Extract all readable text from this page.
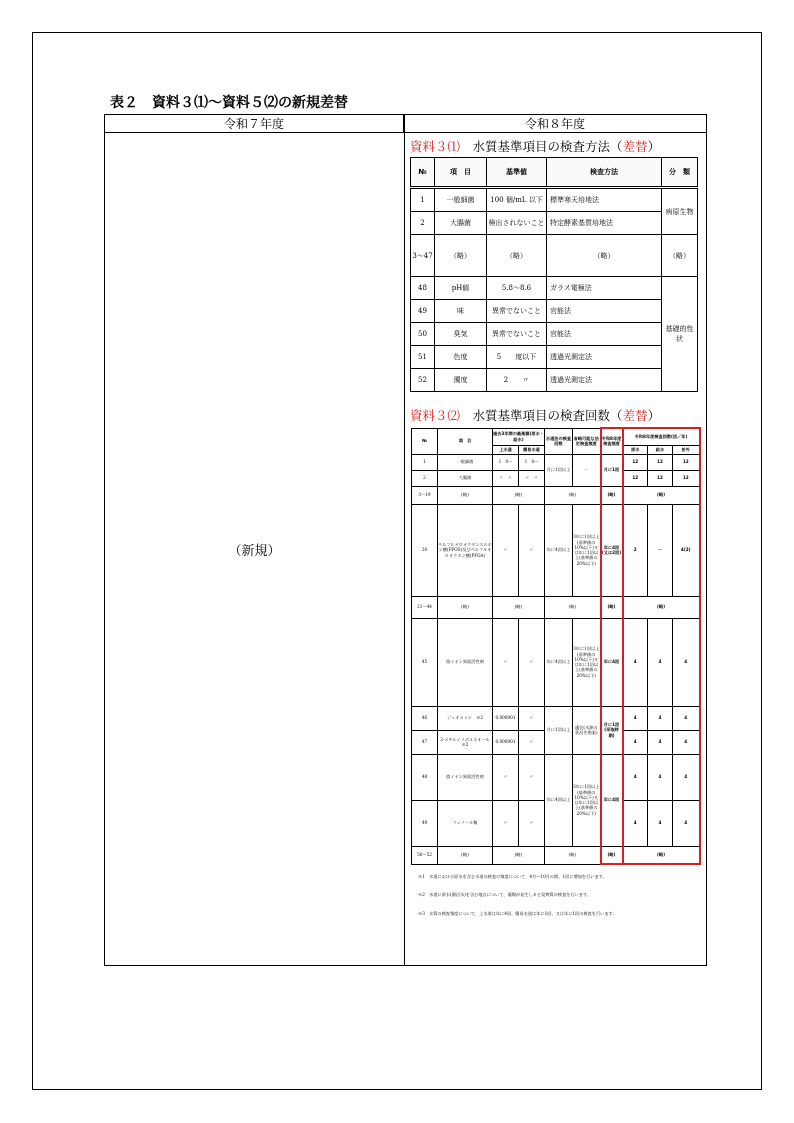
表２　資料３⑴～資料５⑵の新規差替
令和７年度	令和８年度
（新規）
資料３⑴　 水質基準項目の検査方法（差替）
№	項　目	基準値	検査方法	分　類
1	一般細菌	100 個/mL 以下	標準寒天培地法	病原生物
2	大腸菌	検出されないこと	特定酵素基質培地法	
3～47	（略）	（略）	（略）	（略）
48	pH値	5.8～8.6	ガラス電極法	基礎的性状
49	味	異常でないこと	官能法	
50	臭気	異常でないこと	官能法	
51	色度	5　　度以下	透過光測定法	
52	濁度	2　　〃	透過光測定法	
資料３⑵　 水質基準項目の検査回数（差替）
№	項　目	過去3年間の最高値(原水・給水)		水道法の検査回数	省略可能な法定検査頻度	令和8年度検査頻度	令和8年度検査回数(回／年)		
		上水道	簡易水道				原水	給水	計外
1	一般細菌	1　0〜	1　0〜	月に1回以上	－	月に1回	12	12	12
2	大腸菌	〃　〃	〃　〃				12	12	12
3～19	(略)	(略)		(略)		(略)	(略)		
20	ペルフルオロオクタンスルホン酸(PFOS)及びペルフルオロオクタン酸(PFOA)	〃	〃	年に4回以上	3年に1回以上(基準値の10%以下)又は年に1回以上(基準値の20%以下)	年に4回(又は2回)	2	－	4(2)
21～44	(略)	(略)		(略)		(略)	(略)		
45	陰イオン界面活性剤	〃	〃	年に4回以上	3年に1回以上(基準値の10%以下)又は年に1回以上(基準値の20%以下)	年に4回	4	4	4
46	ジェオスミン　※2	0.000001	〃	月に1回以上	適宜(水源の状況を勘案)	月に1回(采取時期)	4	4	4
47	2-メチルイソボルネオール　※2	0.000001	〃				4	4	4
48	陰イオン界面活性剤	〃	〃	年に4回以上	3年に1回以上(基準値の10%以下)又は年に1回以上(基準値の20%以下)	年に4回	4	4	4
49	フェノール類	〃	〃				4	4	4
50～52	(略)	(略)		(略)		(略)	(略)		
※1　水道における原水を含む水道の検査の頻度について、4月〜10月の間、1回に増加を行います。
※2　水道に原水(湖沼水)を含む地点について、藻類が発生しカビ臭物質の検査を行います。
※3　水質の検査頻度について、上水道は年に4回、簡易水道は年に1回、又は年に1回の検査を行います。
